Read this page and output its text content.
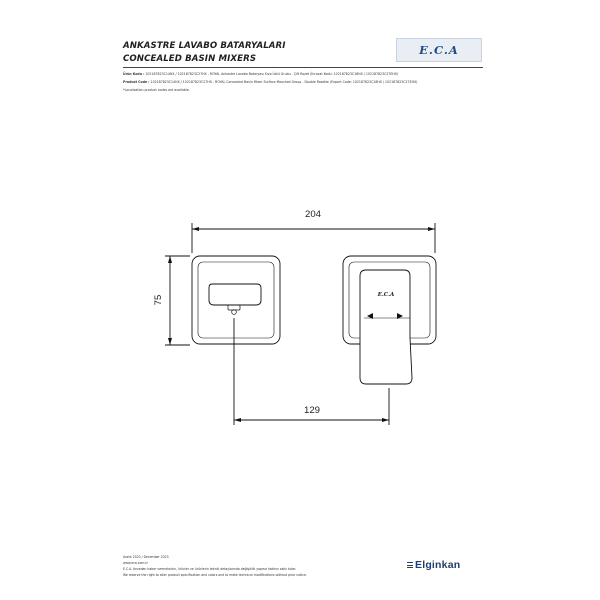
ANKASTRE LAVABO BATARYALARI
CONCEALED BASIN MIXERS
E.C.A
Ürün Kodu : 102187823C14HX / 102187823C27HX - ROYAL Ankastre Lavabo Bataryası Sıva Üstü Grubu - Çift Rozet (İhracat Kodu: 102187823C18HX / 102187823C27EHX)
Product Code : 102187823C14HX / 102187823C27HX - ROYAL Concealed Basin Mixer Surface Mounted Group - Double Rosette (Export Code: 102187823C18HX / 102187823C27EHX)
*Localization product codes are available.
204
75
129
E.C.A
Aralık 2023 / December 2023
www.eca.com.tr
E.C.A. önceden haber vermeksizin, ürünler ve ürünlerin teknik detaylarında değişiklik yapma hakkını saklı tutar.
We reserve the right to alter product specification and colors and to make technical modifications without prior notice.
Elginkan
